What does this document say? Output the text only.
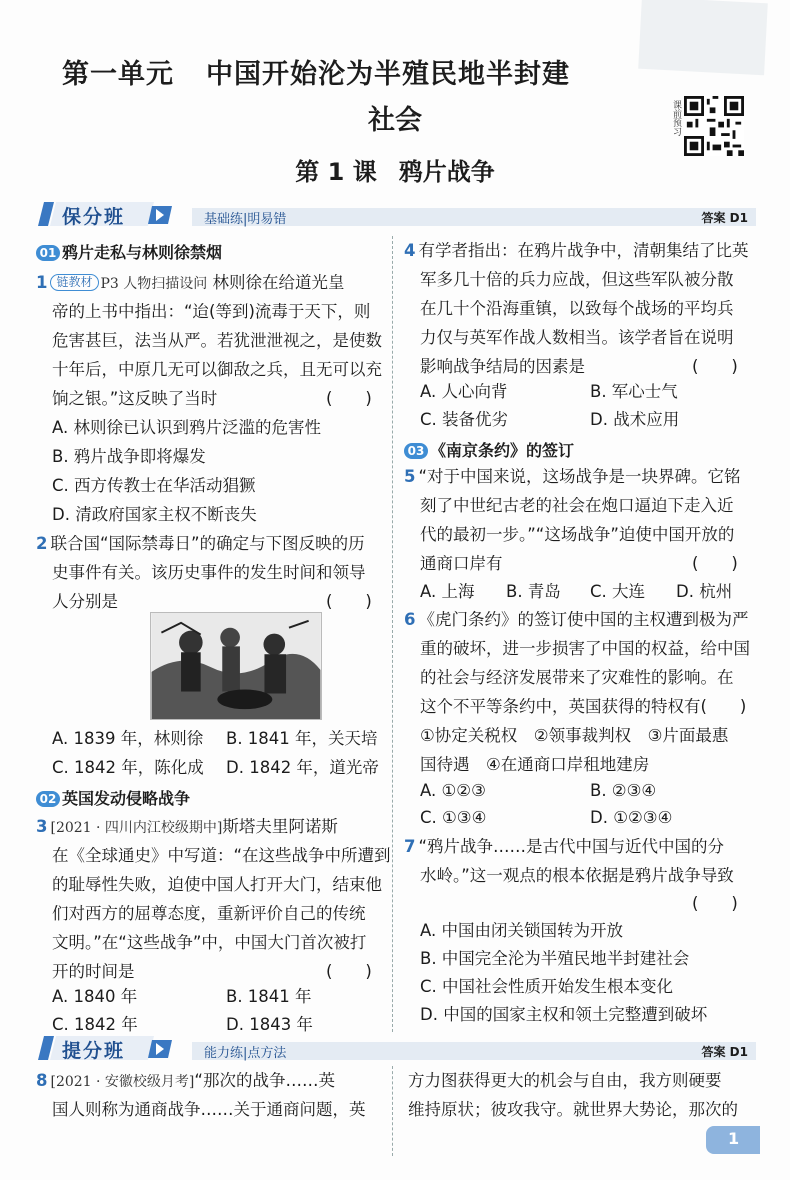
第一单元 中国开始沦为半殖民地半封建
社会
第 1 课 鸦片战争
课前预习
保分班	基础练|明易错	答案 D1
01 鸦片走私与林则徐禁烟
1 链教材 P3 人物扫描设问 林则徐在给道光皇
帝的上书中指出：“迨(等到)流毒于天下，则
危害甚巨，法当从严。若犹泄泄视之，是使数
十年后，中原几无可以御敌之兵，且无可以充
饷之银。”这反映了当时	(　　)
A. 林则徐已认识到鸦片泛滥的危害性
B. 鸦片战争即将爆发
C. 西方传教士在华活动猖獗
D. 清政府国家主权不断丧失
2 联合国“国际禁毒日”的确定与下图反映的历
史事件有关。该历史事件的发生时间和领导
人分别是	(　　)
A. 1839 年，林则徐 B. 1841 年，关天培
C. 1842 年，陈化成 D. 1842 年，道光帝
02 英国发动侵略战争
3 [2021 · 四川内江校级期中]斯塔夫里阿诺斯
在《全球通史》中写道：“在这些战争中所遭到
的耻辱性失败，迫使中国人打开大门，结束他
们对西方的屈尊态度，重新评价自己的传统
文明。”在“这些战争”中，中国大门首次被打
开的时间是	(　　)
A. 1840 年	B. 1841 年
C. 1842 年	D. 1843 年
4 有学者指出：在鸦片战争中，清朝集结了比英
军多几十倍的兵力应战，但这些军队被分散
在几十个沿海重镇，以致每个战场的平均兵
力仅与英军作战人数相当。该学者旨在说明
影响战争结局的因素是	(　　)
A. 人心向背	B. 军心士气
C. 装备优劣	D. 战术应用
03 《南京条约》的签订
5 “对于中国来说，这场战争是一块界碑。它铭
刻了中世纪古老的社会在炮口逼迫下走入近
代的最初一步。”“这场战争”迫使中国开放的
通商口岸有	(　　)
A. 上海 B. 青岛 C. 大连 D. 杭州
6 《虎门条约》的签订使中国的主权遭到极为严
重的破坏，进一步损害了中国的权益，给中国
的社会与经济发展带来了灾难性的影响。在
这个不平等条约中，英国获得的特权有(　　)
①协定关税权　②领事裁判权　③片面最惠
国待遇　④在通商口岸租地建房
A. ①②③	B. ②③④
C. ①③④	D. ①②③④
7 “鸦片战争……是古代中国与近代中国的分
水岭。”这一观点的根本依据是鸦片战争导致
(　　)
A. 中国由闭关锁国转为开放
B. 中国完全沦为半殖民地半封建社会
C. 中国社会性质开始发生根本变化
D. 中国的国家主权和领土完整遭到破坏
提分班	能力练|点方法	答案 D1
8 [2021 · 安徽校级月考]“那次的战争……英
国人则称为通商战争……关于通商问题，英
方力图获得更大的机会与自由，我方则硬要
维持原状；彼攻我守。就世界大势论，那次的
1
